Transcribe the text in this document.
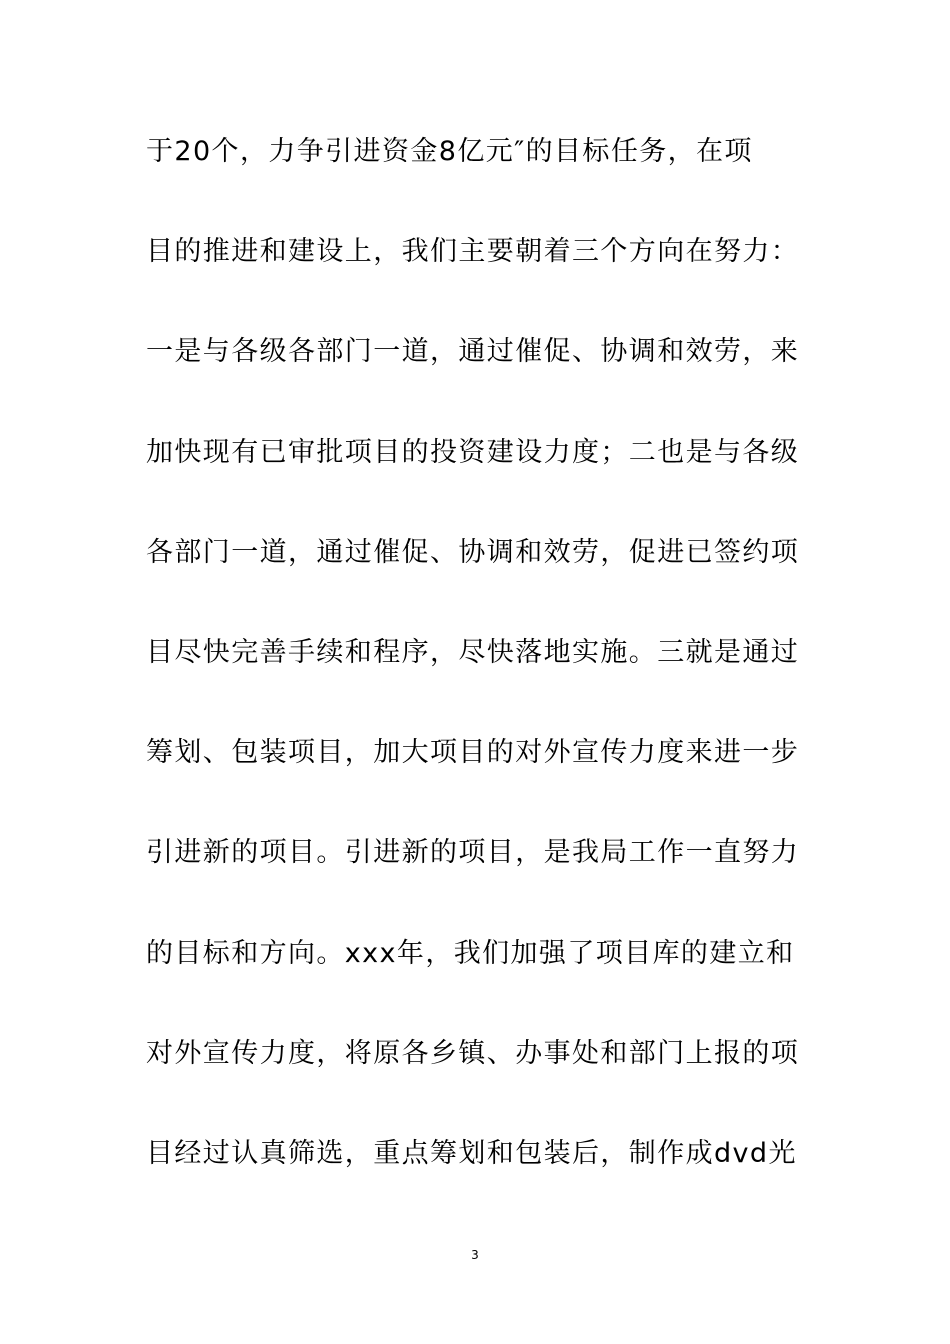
于20个，力争引进资金8亿元″的目标任务，在项
目的推进和建设上，我们主要朝着三个方向在努力：
一是与各级各部门一道，通过催促、协调和效劳，来
加快现有已审批项目的投资建设力度；二也是与各级
各部门一道，通过催促、协调和效劳，促进已签约项
目尽快完善手续和程序，尽快落地实施。三就是通过
筹划、包装项目，加大项目的对外宣传力度来进一步
引进新的项目。引进新的项目，是我局工作一直努力
的目标和方向。xxx年，我们加强了项目库的建立和
对外宣传力度，将原各乡镇、办事处和部门上报的项
目经过认真筛选，重点筹划和包装后，制作成dvd光
3
